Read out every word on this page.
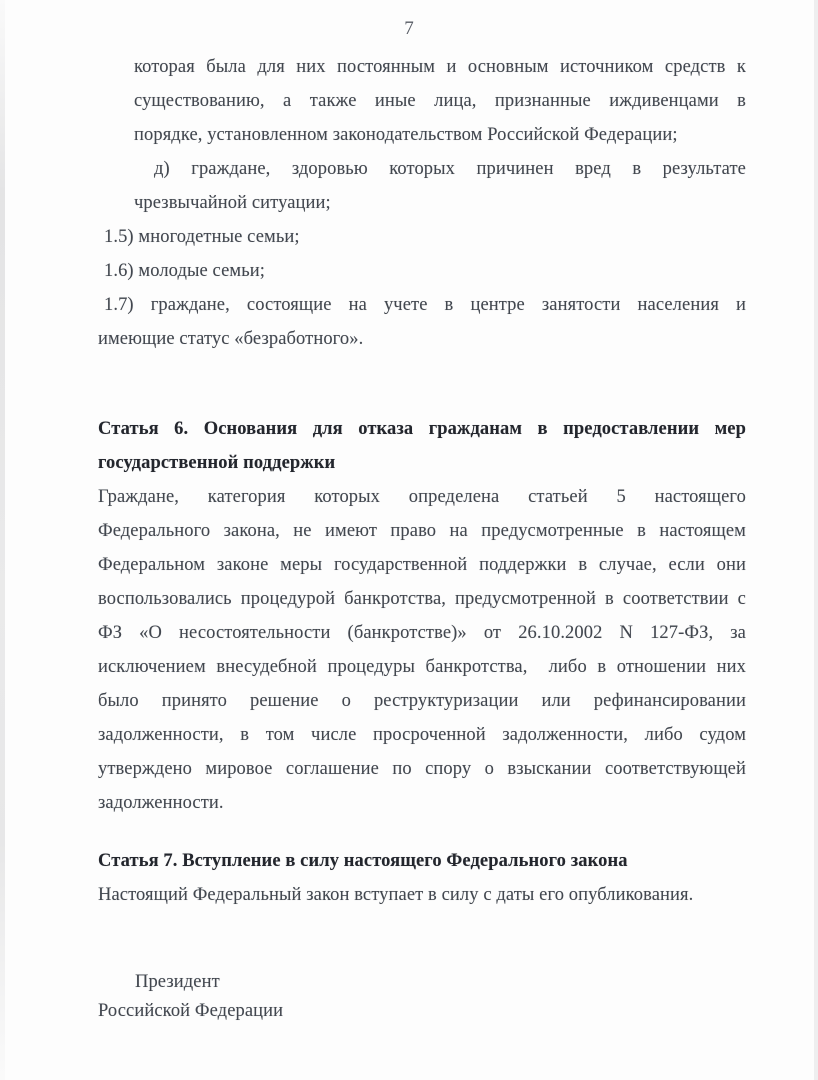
7
которая была для них постоянным и основным источником средств к
существованию, а также иные лица, признанные иждивенцами в
порядке, установленном законодательством Российской Федерации;
д) граждане, здоровью которых причинен вред в результате
чрезвычайной ситуации;
1.5) многодетные семьи;
1.6) молодые семьи;
1.7) граждане, состоящие на учете в центре занятости населения и
имеющие статус «безработного».
Статья 6. Основания для отказа гражданам в предоставлении мер
государственной поддержки
Граждане, категория которых определена статьей 5 настоящего
Федерального закона, не имеют право на предусмотренные в настоящем
Федеральном законе меры государственной поддержки в случае, если они
воспользовались процедурой банкротства, предусмотренной в соответствии с
ФЗ «О несостоятельности (банкротстве)» от 26.10.2002 N 127-ФЗ, за
исключением внесудебной процедуры банкротства,  либо в отношении них
было принято решение о реструктуризации или рефинансировании
задолженности, в том числе просроченной задолженности, либо судом
утверждено мировое соглашение по спору о взыскании соответствующей
задолженности.
Статья 7. Вступление в силу настоящего Федерального закона
Настоящий Федеральный закон вступает в силу с даты его опубликования.
Президент
Российской Федерации
